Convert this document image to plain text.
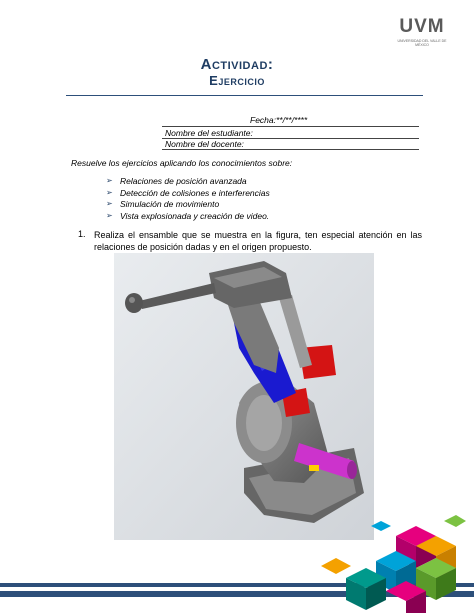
UVM
UNIVERSIDAD DEL VALLE DE MÉXICO
Actividad:
Ejercicio
Fecha:**/**/****
Nombre del estudiante:
Nombre del docente:
Resuelve los ejercicios aplicando los conocimientos sobre:
➢ Relaciones de posición avanzada
➢ Detección de colisiones e interferencias
➢ Simulación de movimiento
➢ Vista explosionada y creación de video.
1. Realiza el ensamble que se muestra en la figura, ten especial atención en las relaciones de posición dadas y en el origen propuesto.
